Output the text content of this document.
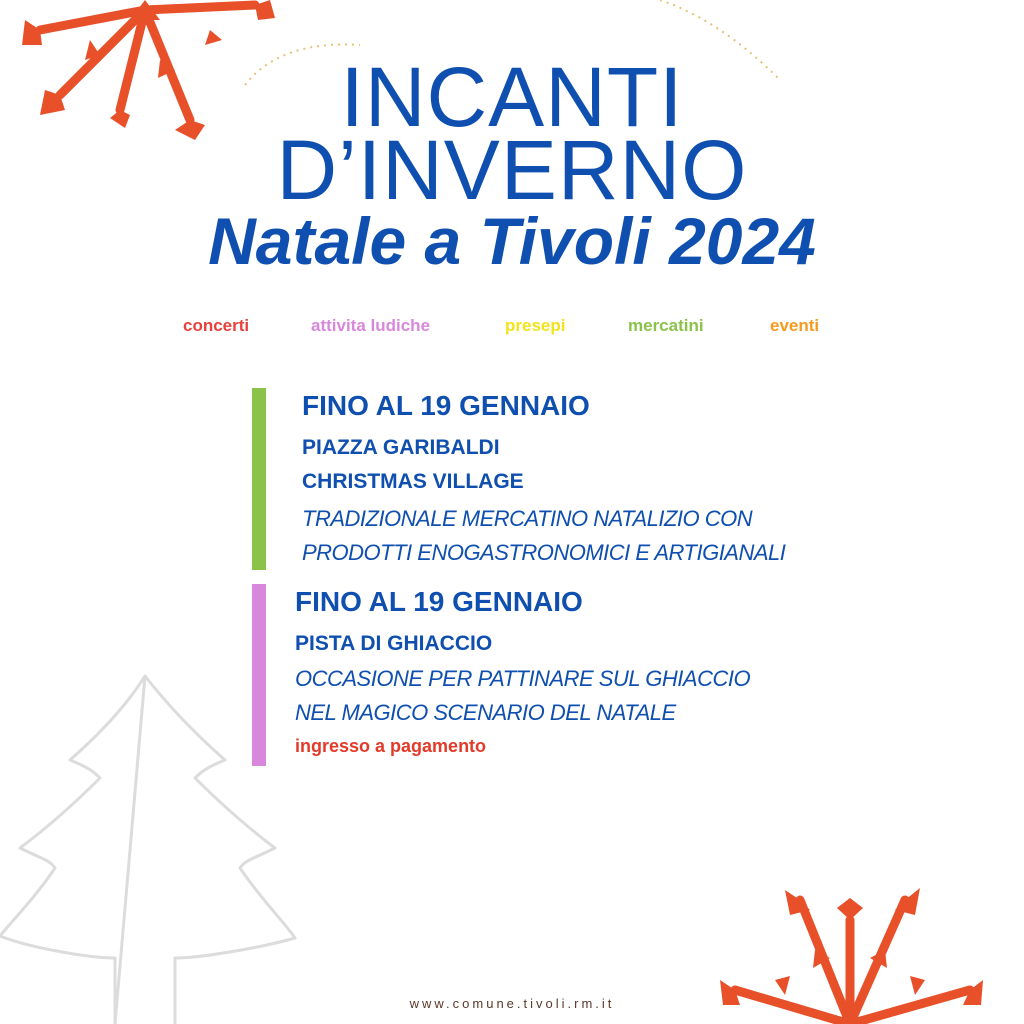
INCANTI
D’INVERNO
Natale a Tivoli 2024
concerti	attivita ludiche	presepi	mercatini	eventi
FINO AL 19 GENNAIO
PIAZZA GARIBALDI
CHRISTMAS VILLAGE
TRADIZIONALE MERCATINO NATALIZIO CON
PRODOTTI ENOGASTRONOMICI E ARTIGIANALI
FINO AL 19 GENNAIO
PISTA DI GHIACCIO
OCCASIONE PER PATTINARE SUL GHIACCIO
NEL MAGICO SCENARIO DEL NATALE
ingresso a pagamento
www.comune.tivoli.rm.it
